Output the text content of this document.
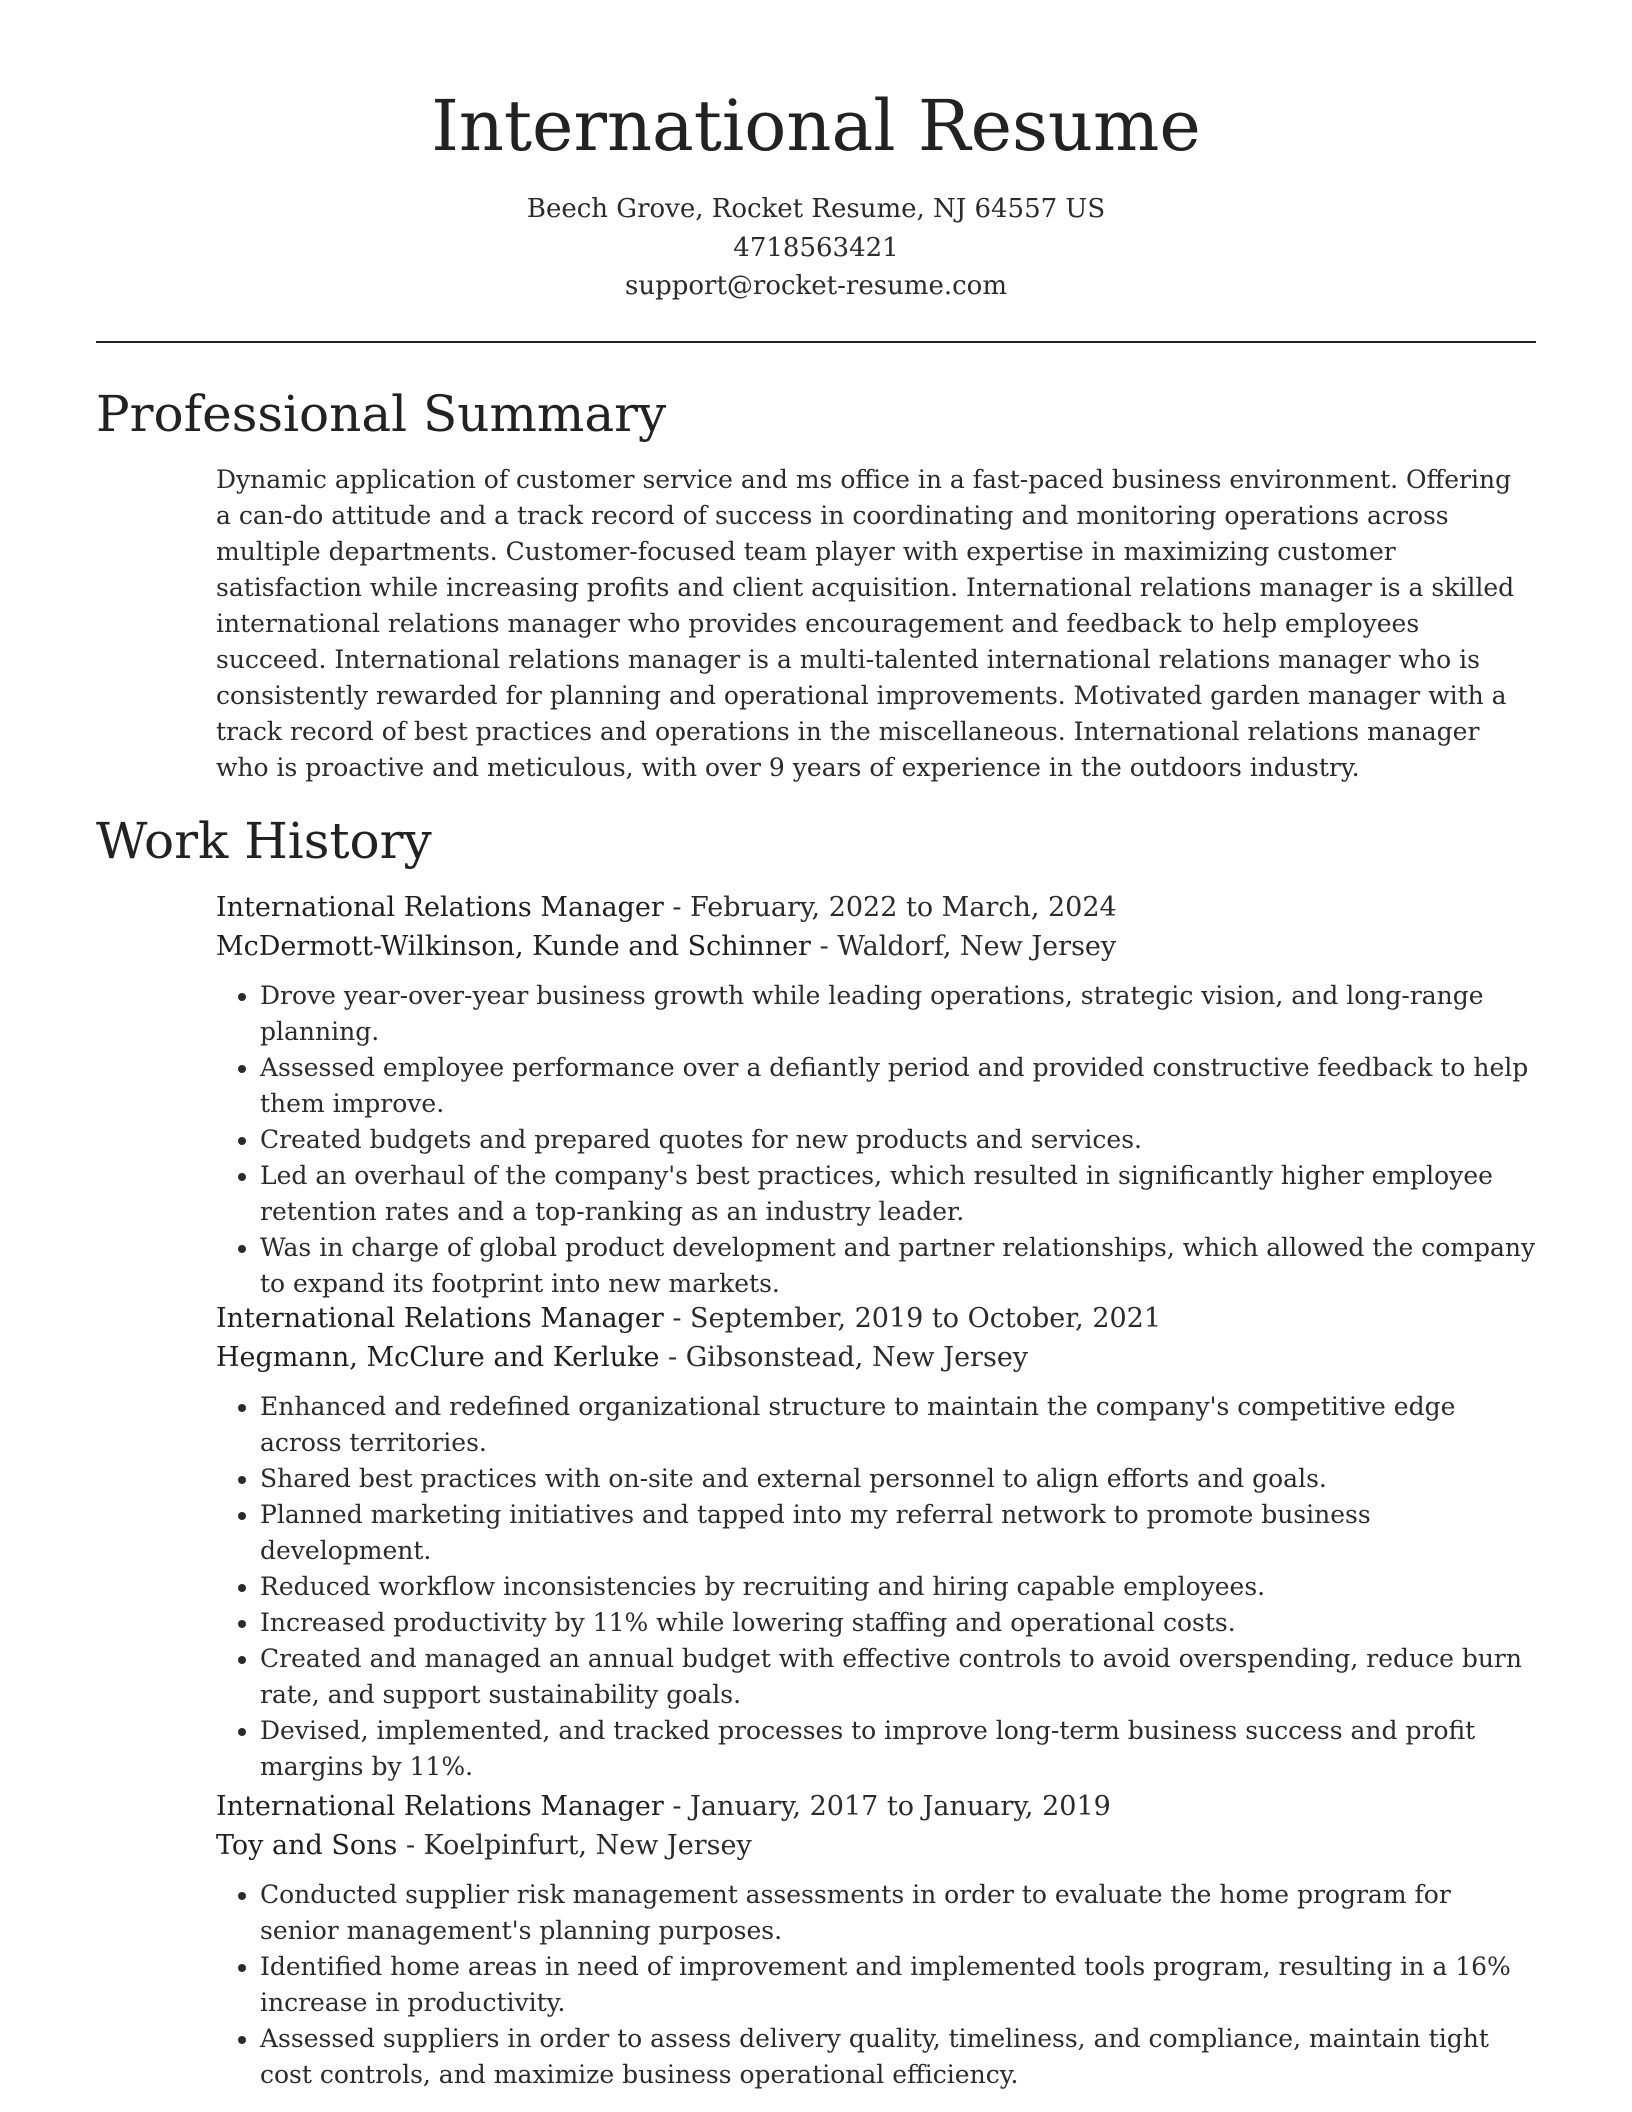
International Resume
Beech Grove, Rocket Resume, NJ 64557 US
4718563421
support@rocket-resume.com
Professional Summary

Dynamic application of customer service and ms office in a fast-paced business environment. Offering a can-do attitude and a track record of success in coordinating and monitoring operations across multiple departments. Customer-focused team player with expertise in maximizing customer satisfaction while increasing profits and client acquisition. International relations manager is a skilled international relations manager who provides encouragement and feedback to help employees succeed. International relations manager is a multi-talented international relations manager who is consistently rewarded for planning and operational improvements. Motivated garden manager with a track record of best practices and operations in the miscellaneous. International relations manager who is proactive and meticulous, with over 9 years of experience in the outdoors industry.

Work History
International Relations Manager - February, 2022 to March, 2024
McDermott-Wilkinson, Kunde and Schinner - Waldorf, New Jersey
• Drove year-over-year business growth while leading operations, strategic vision, and long-range planning.
• Assessed employee performance over a defiantly period and provided constructive feedback to help them improve.
• Created budgets and prepared quotes for new products and services.
• Led an overhaul of the company's best practices, which resulted in significantly higher employee retention rates and a top-ranking as an industry leader.
• Was in charge of global product development and partner relationships, which allowed the company to expand its footprint into new markets.
International Relations Manager - September, 2019 to October, 2021
Hegmann, McClure and Kerluke - Gibsonstead, New Jersey
• Enhanced and redefined organizational structure to maintain the company's competitive edge across territories.
• Shared best practices with on-site and external personnel to align efforts and goals.
• Planned marketing initiatives and tapped into my referral network to promote business development.
• Reduced workflow inconsistencies by recruiting and hiring capable employees.
• Increased productivity by 11% while lowering staffing and operational costs.
• Created and managed an annual budget with effective controls to avoid overspending, reduce burn rate, and support sustainability goals.
• Devised, implemented, and tracked processes to improve long-term business success and profit margins by 11%.
International Relations Manager - January, 2017 to January, 2019
Toy and Sons - Koelpinfurt, New Jersey
• Conducted supplier risk management assessments in order to evaluate the home program for senior management's planning purposes.
• Identified home areas in need of improvement and implemented tools program, resulting in a 16% increase in productivity.
• Assessed suppliers in order to assess delivery quality, timeliness, and compliance, maintain tight cost controls, and maximize business operational efficiency.
